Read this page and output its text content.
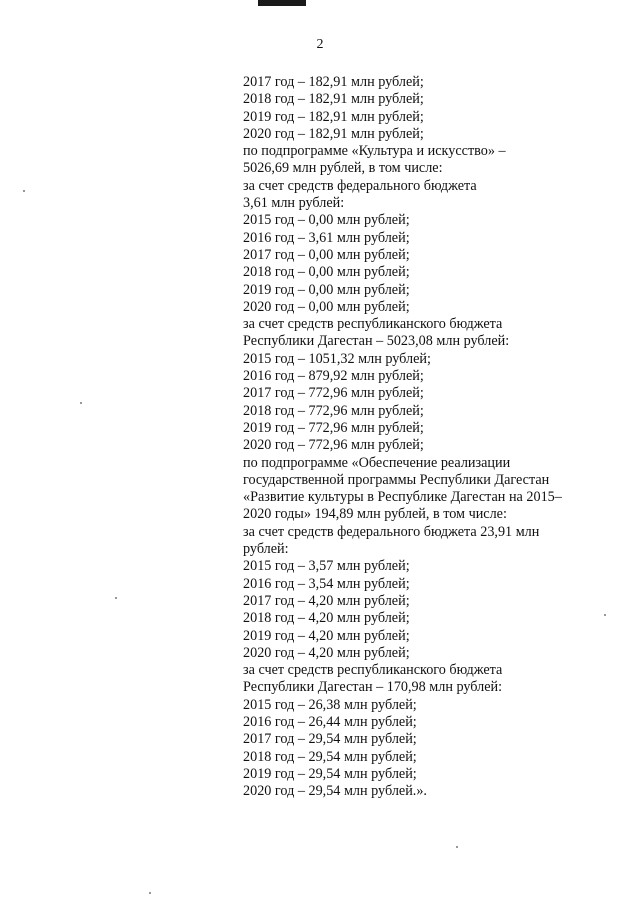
2
2017 год – 182,91 млн рублей;
2018 год – 182,91 млн рублей;
2019 год – 182,91 млн рублей;
2020 год – 182,91 млн рублей;
по подпрограмме «Культура и искусство» –
5026,69 млн рублей, в том числе:
за счет средств федерального бюджета
3,61 млн рублей:
2015 год – 0,00 млн рублей;
2016 год – 3,61 млн рублей;
2017 год – 0,00 млн рублей;
2018 год – 0,00 млн рублей;
2019 год – 0,00 млн рублей;
2020 год – 0,00 млн рублей;
за счет средств республиканского бюджета
Республики Дагестан – 5023,08 млн рублей:
2015 год – 1051,32 млн рублей;
2016 год – 879,92 млн рублей;
2017 год – 772,96 млн рублей;
2018 год – 772,96 млн рублей;
2019 год – 772,96 млн рублей;
2020 год – 772,96 млн рублей;
по подпрограмме «Обеспечение реализации
государственной программы Республики Дагестан
«Развитие культуры в Республике Дагестан на 2015–
2020 годы» 194,89 млн рублей, в том числе:
за счет средств федерального бюджета 23,91 млн
рублей:
2015 год – 3,57 млн рублей;
2016 год – 3,54 млн рублей;
2017 год – 4,20 млн рублей;
2018 год – 4,20 млн рублей;
2019 год – 4,20 млн рублей;
2020 год – 4,20 млн рублей;
за счет средств республиканского бюджета
Республики Дагестан – 170,98 млн рублей:
2015 год – 26,38 млн рублей;
2016 год – 26,44 млн рублей;
2017 год – 29,54 млн рублей;
2018 год – 29,54 млн рублей;
2019 год – 29,54 млн рублей;
2020 год – 29,54 млн рублей.».
